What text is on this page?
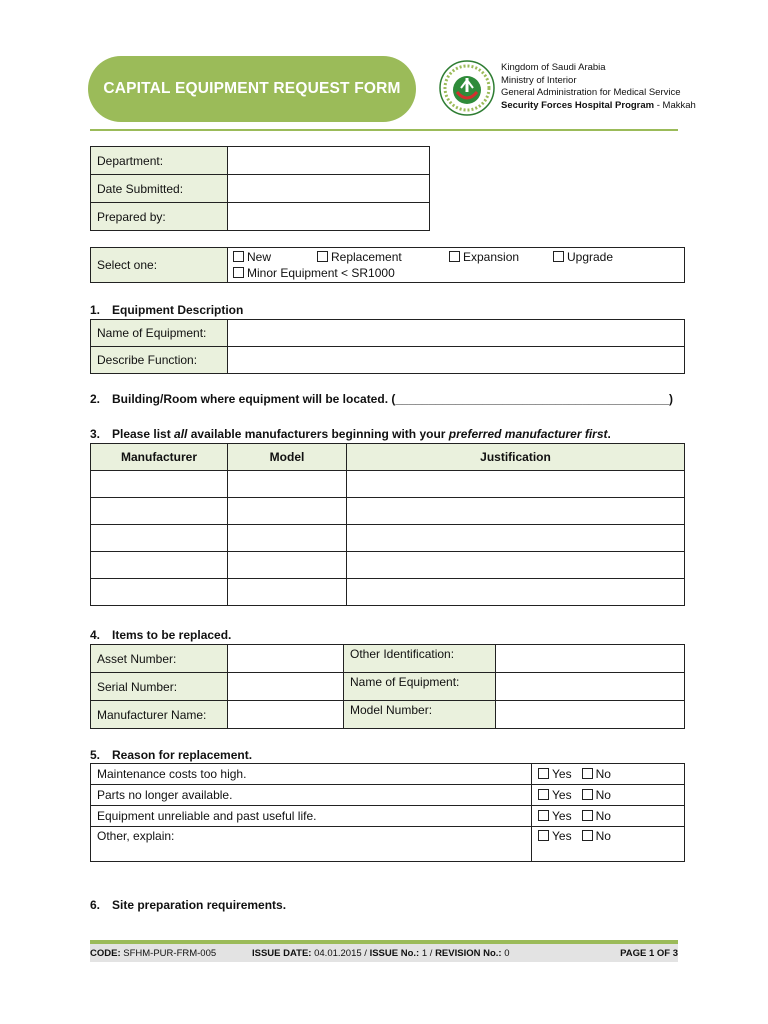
CAPITAL EQUIPMENT REQUEST FORM
Kingdom of Saudi Arabia
Ministry of Interior
General Administration for Medical Service
Security Forces Hospital Program - Makkah
Department:	
Date Submitted:	
Prepared by:	
Select one:	
New	Replacement	Expansion	Upgrade
Minor Equipment < SR1000
1. Equipment Description
Name of Equipment:	
Describe Function:	
2. Building/Room where equipment will be located. (_________________________________________)
3. Please list all available manufacturers beginning with your preferred manufacturer first.
Manufacturer	Model	Justification

4. Items to be replaced.
Asset Number:		Other Identification:	
Serial Number:		Name of Equipment:	
Manufacturer Name:		Model Number:	
5. Reason for replacement.
Maintenance costs too high.	Yes No
Parts no longer available.	Yes No
Equipment unreliable and past useful life.	Yes No
Other, explain:	Yes No
6. Site preparation requirements.
CODE: SFHM-PUR-FRM-005	ISSUE DATE: 04.01.2015 / ISSUE No.: 1 / REVISION No.: 0	PAGE 1 OF 3
